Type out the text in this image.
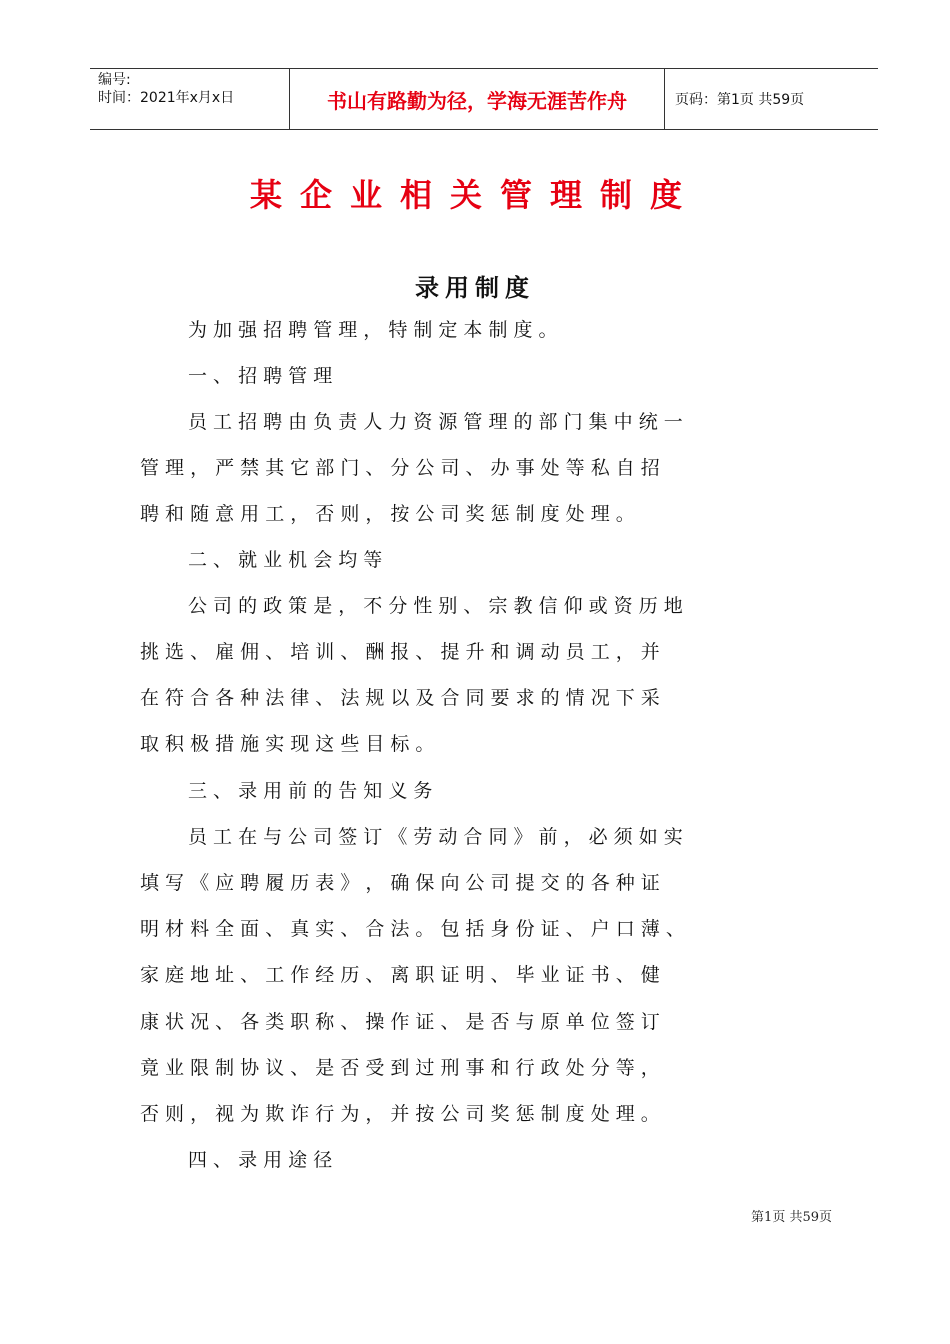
编号:
时间：2021年x月x日	书山有路勤为径，学海无涯苦作舟	页码：第1页 共59页
某企业相关管理制度
录用制度
为 加 强 招 聘 管 理 ， 特 制 定 本 制 度 。
一 、 招 聘 管 理
员 工 招 聘 由 负 责 人 力 资 源 管 理 的 部 门 集 中 统 一
管 理 ， 严 禁 其 它 部 门 、 分 公 司 、 办 事 处 等 私 自 招
聘 和 随 意 用 工 ， 否 则 ， 按 公 司 奖 惩 制 度 处 理 。
二 、 就 业 机 会 均 等
公 司 的 政 策 是 ， 不 分 性 别 、 宗 教 信 仰 或 资 历 地
挑 选 、 雇 佣 、 培 训 、 酬 报 、 提 升 和 调 动 员 工 ， 并
在 符 合 各 种 法 律 、 法 规 以 及 合 同 要 求 的 情 况 下 采
取 积 极 措 施 实 现 这 些 目 标 。
三 、 录 用 前 的 告 知 义 务
员 工 在 与 公 司 签 订 《 劳 动 合 同 》 前 ， 必 须 如 实
填 写 《 应 聘 履 历 表 》 ， 确 保 向 公 司 提 交 的 各 种 证
明 材 料 全 面 、 真 实 、 合 法 。 包 括 身 份 证 、 户 口 薄 、
家 庭 地 址 、 工 作 经 历 、 离 职 证 明 、 毕 业 证 书 、 健
康 状 况 、 各 类 职 称 、 操 作 证 、 是 否 与 原 单 位 签 订
竟 业 限 制 协 议 、 是 否 受 到 过 刑 事 和 行 政 处 分 等 ，
否 则 ， 视 为 欺 诈 行 为 ， 并 按 公 司 奖 惩 制 度 处 理 。
四 、 录 用 途 径
第1页 共59页
